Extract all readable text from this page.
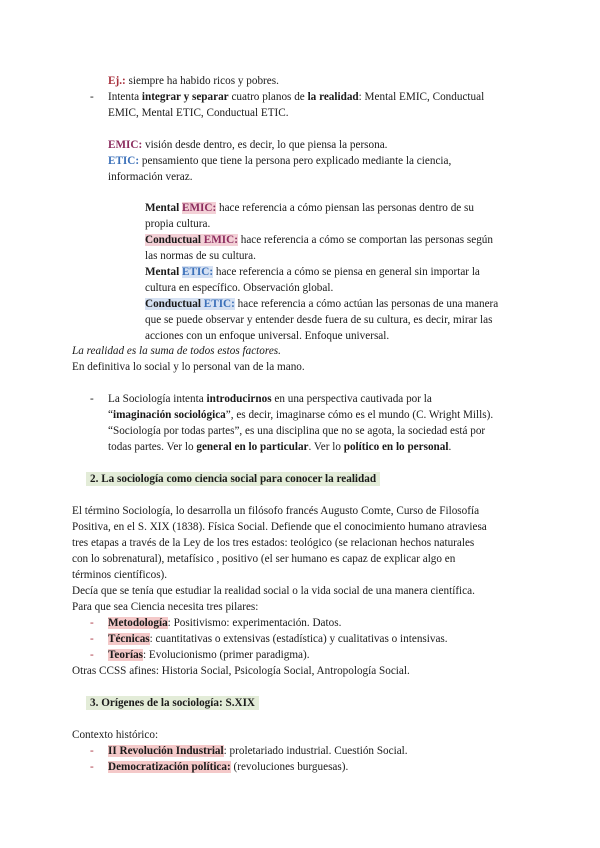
Ej.: siempre ha habido ricos y pobres.
- Intenta integrar y separar cuatro planos de la realidad: Mental EMIC, Conductual
EMIC, Mental ETIC, Conductual ETIC.
EMIC: visión desde dentro, es decir, lo que piensa la persona.
ETIC: pensamiento que tiene la persona pero explicado mediante la ciencia,
información veraz.
Mental EMIC: hace referencia a cómo piensan las personas dentro de su
propia cultura.
Conductual EMIC: hace referencia a cómo se comportan las personas según
las normas de su cultura.
Mental ETIC: hace referencia a cómo se piensa en general sin importar la
cultura en específico. Observación global.
Conductual ETIC: hace referencia a cómo actúan las personas de una manera
que se puede observar y entender desde fuera de su cultura, es decir, mirar las
acciones con un enfoque universal. Enfoque universal.
La realidad es la suma de todos estos factores.
En definitiva lo social y lo personal van de la mano.
- La Sociología intenta introducirnos en una perspectiva cautivada por la
“imaginación sociológica”, es decir, imaginarse cómo es el mundo (C. Wright Mills).
“Sociología por todas partes”, es una disciplina que no se agota, la sociedad está por
todas partes. Ver lo general en lo particular. Ver lo político en lo personal.
2. La sociología como ciencia social para conocer la realidad
El término Sociología, lo desarrolla un filósofo francés Augusto Comte, Curso de Filosofía
Positiva, en el S. XIX (1838). Física Social. Defiende que el conocimiento humano atraviesa
tres etapas a través de la Ley de los tres estados: teológico (se relacionan hechos naturales
con lo sobrenatural), metafísico , positivo (el ser humano es capaz de explicar algo en
términos científicos).
Decía que se tenía que estudiar la realidad social o la vida social de una manera científica.
Para que sea Ciencia necesita tres pilares:
- Metodología: Positivismo: experimentación. Datos.
- Técnicas: cuantitativas o extensivas (estadística) y cualitativas o intensivas.
- Teorías: Evolucionismo (primer paradigma).
Otras CCSS afines: Historia Social, Psicología Social, Antropología Social.
3. Orígenes de la sociología: S.XIX
Contexto histórico:
- II Revolución Industrial: proletariado industrial. Cuestión Social.
- Democratización política: (revoluciones burguesas).
